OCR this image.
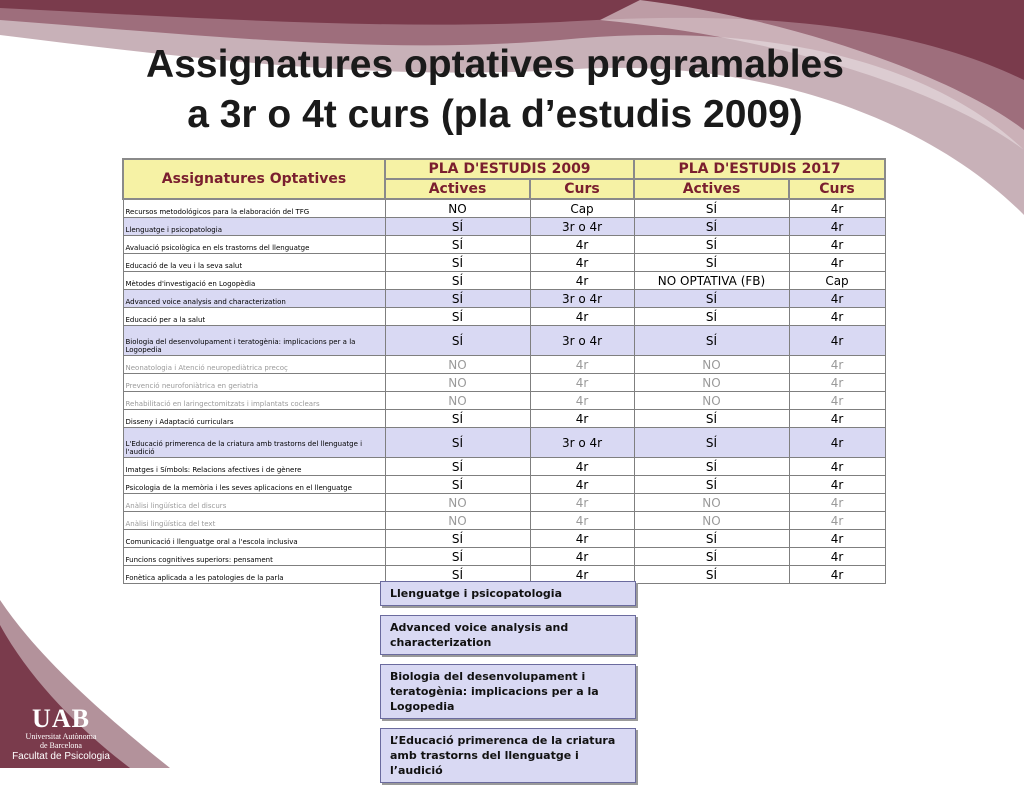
Assignatures optatives programables
a 3r o 4t curs (pla d’estudis 2009)
Assignatures Optatives	PLA D'ESTUDIS 2009		PLA D'ESTUDIS 2017	
	Actives	Curs	Actives	Curs
Recursos metodológicos para la elaboración del TFG	NO	Cap	SÍ	4r
Llenguatge i psicopatologia	SÍ	3r o 4r	SÍ	4r
Avaluació psicològica en els trastorns del llenguatge	SÍ	4r	SÍ	4r
Educació de la veu i la seva salut	SÍ	4r	SÍ	4r
Mètodes d'investigació en Logopèdia	SÍ	4r	NO OPTATIVA (FB)	Cap
Advanced voice analysis and characterization	SÍ	3r o 4r	SÍ	4r
Educació per a la salut	SÍ	4r	SÍ	4r
Biologia del desenvolupament i teratogènia: implicacions per a la Logopedia	SÍ	3r o 4r	SÍ	4r
Neonatologia i Atenció neuropediàtrica precoç	NO	4r	NO	4r
Prevenció neurofoniàtrica en geriatria	NO	4r	NO	4r
Rehabilitació en laringectomitzats i implantats coclears	NO	4r	NO	4r
Disseny i Adaptació curriculars	SÍ	4r	SÍ	4r
L'Educació primerenca de la criatura amb trastorns del llenguatge i l'audició	SÍ	3r o 4r	SÍ	4r
Imatges i Símbols: Relacions afectives i de gènere	SÍ	4r	SÍ	4r
Psicologia de la memòria i les seves aplicacions en el llenguatge	SÍ	4r	SÍ	4r
Anàlisi lingüística del discurs	NO	4r	NO	4r
Anàlisi lingüística del text	NO	4r	NO	4r
Comunicació i llenguatge oral a l'escola inclusiva	SÍ	4r	SÍ	4r
Funcions cognitives superiors: pensament	SÍ	4r	SÍ	4r
Fonètica aplicada a les patologies de la parla	SÍ	4r	SÍ	4r
Llenguatge i psicopatologia
Advanced voice analysis and characterization
Biologia del desenvolupament i teratogènia: implicacions per a la Logopedia
L’Educació primerenca de la criatura amb trastorns del llenguatge i l’audició
UAB
Universitat Autònoma
de Barcelona
Facultat de Psicologia
